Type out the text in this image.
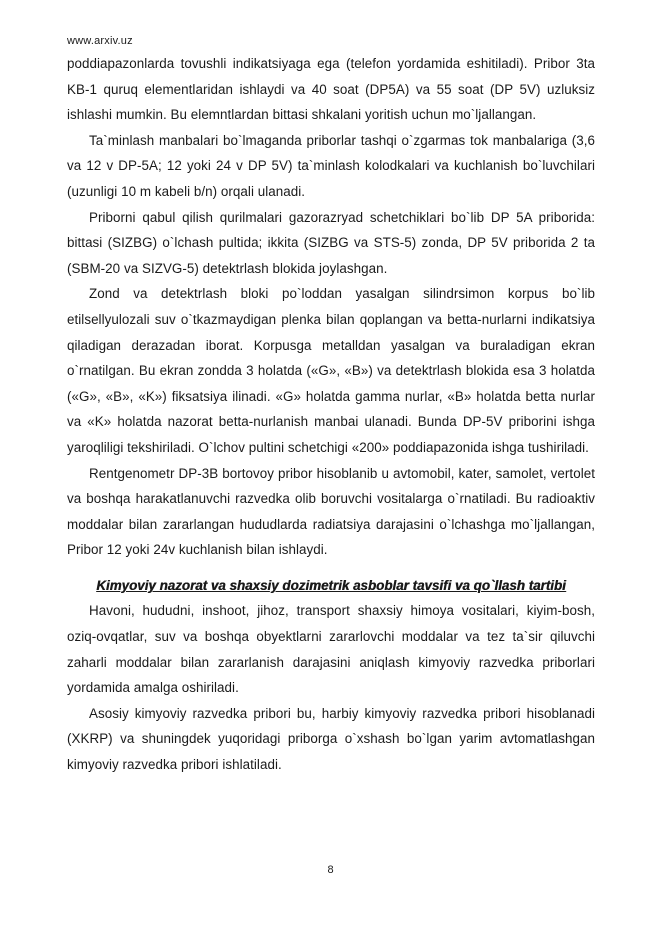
www.arxiv.uz

poddiapazonlarda tovushli indikatsiyaga ega (telefon yordamida eshitiladi). Pribor 3ta KB-1 quruq elementlaridan ishlaydi va 40 soat (DP5A) va 55 soat (DP 5V) uzluksiz ishlashi mumkin. Bu elemntlardan bittasi shkalani yoritish uchun mo`ljallangan.

Ta`minlash manbalari bo`lmaganda priborlar tashqi o`zgarmas tok manbalariga (3,6 va 12 v DP-5A; 12 yoki 24 v DP 5V) ta`minlash kolodkalari va kuchlanish bo`luvchilari (uzunligi 10 m kabeli b/n) orqali ulanadi.

Priborni qabul qilish qurilmalari gazorazryad schetchiklari bo`lib DP 5A priborida: bittasi (SIZBG) o`lchash pultida; ikkita (SIZBG va STS-5) zonda, DP 5V priborida 2 ta (SBM-20 va SIZVG-5) detektrlash blokida joylashgan.

Zond va detektrlash bloki po`loddan yasalgan silindrsimon korpus bo`lib etilsellyulozali suv o`tkazmaydigan plenka bilan qoplangan va betta-nurlarni indikatsiya qiladigan derazadan iborat. Korpusga metalldan yasalgan va buraladigan ekran o`rnatilgan. Bu ekran zondda 3 holatda («G», «B») va detektrlash blokida esa 3 holatda («G», «B», «K») fiksatsiya ilinadi. «G» holatda gamma nurlar, «B» holatda betta nurlar va «K» holatda nazorat betta-nurlanish manbai ulanadi. Bunda DP-5V priborini ishga yaroqliligi tekshiriladi. O`lchov pultini schetchigi «200» poddiapazonida ishga tushiriladi.

Rentgenometr DP-3B bortovoy pribor hisoblanib u avtomobil, kater, samolet, vertolet va boshqa harakatlanuvchi razvedka olib boruvchi vositalarga o`rnatiladi. Bu radioaktiv moddalar bilan zararlangan hududlarda radiatsiya darajasini o`lchashga mo`ljallangan, Pribor 12 yoki 24v kuchlanish bilan ishlaydi.

Kimyoviy nazorat va shaxsiy dozimetrik asboblar tavsifi va qo`llash tartibi

Havoni, hududni, inshoot, jihoz, transport shaxsiy himoya vositalari, kiyim-bosh, oziq-ovqatlar, suv va boshqa obyektlarni zararlovchi moddalar va tez ta`sir qiluvchi zaharli moddalar bilan zararlanish darajasini aniqlash kimyoviy razvedka priborlari yordamida amalga oshiriladi.

Asosiy kimyoviy razvedka pribori bu, harbiy kimyoviy razvedka pribori hisoblanadi (XKRP) va shuningdek yuqoridagi priborga o`xshash bo`lgan yarim avtomatlashgan kimyoviy razvedka pribori ishlatiladi.

8
